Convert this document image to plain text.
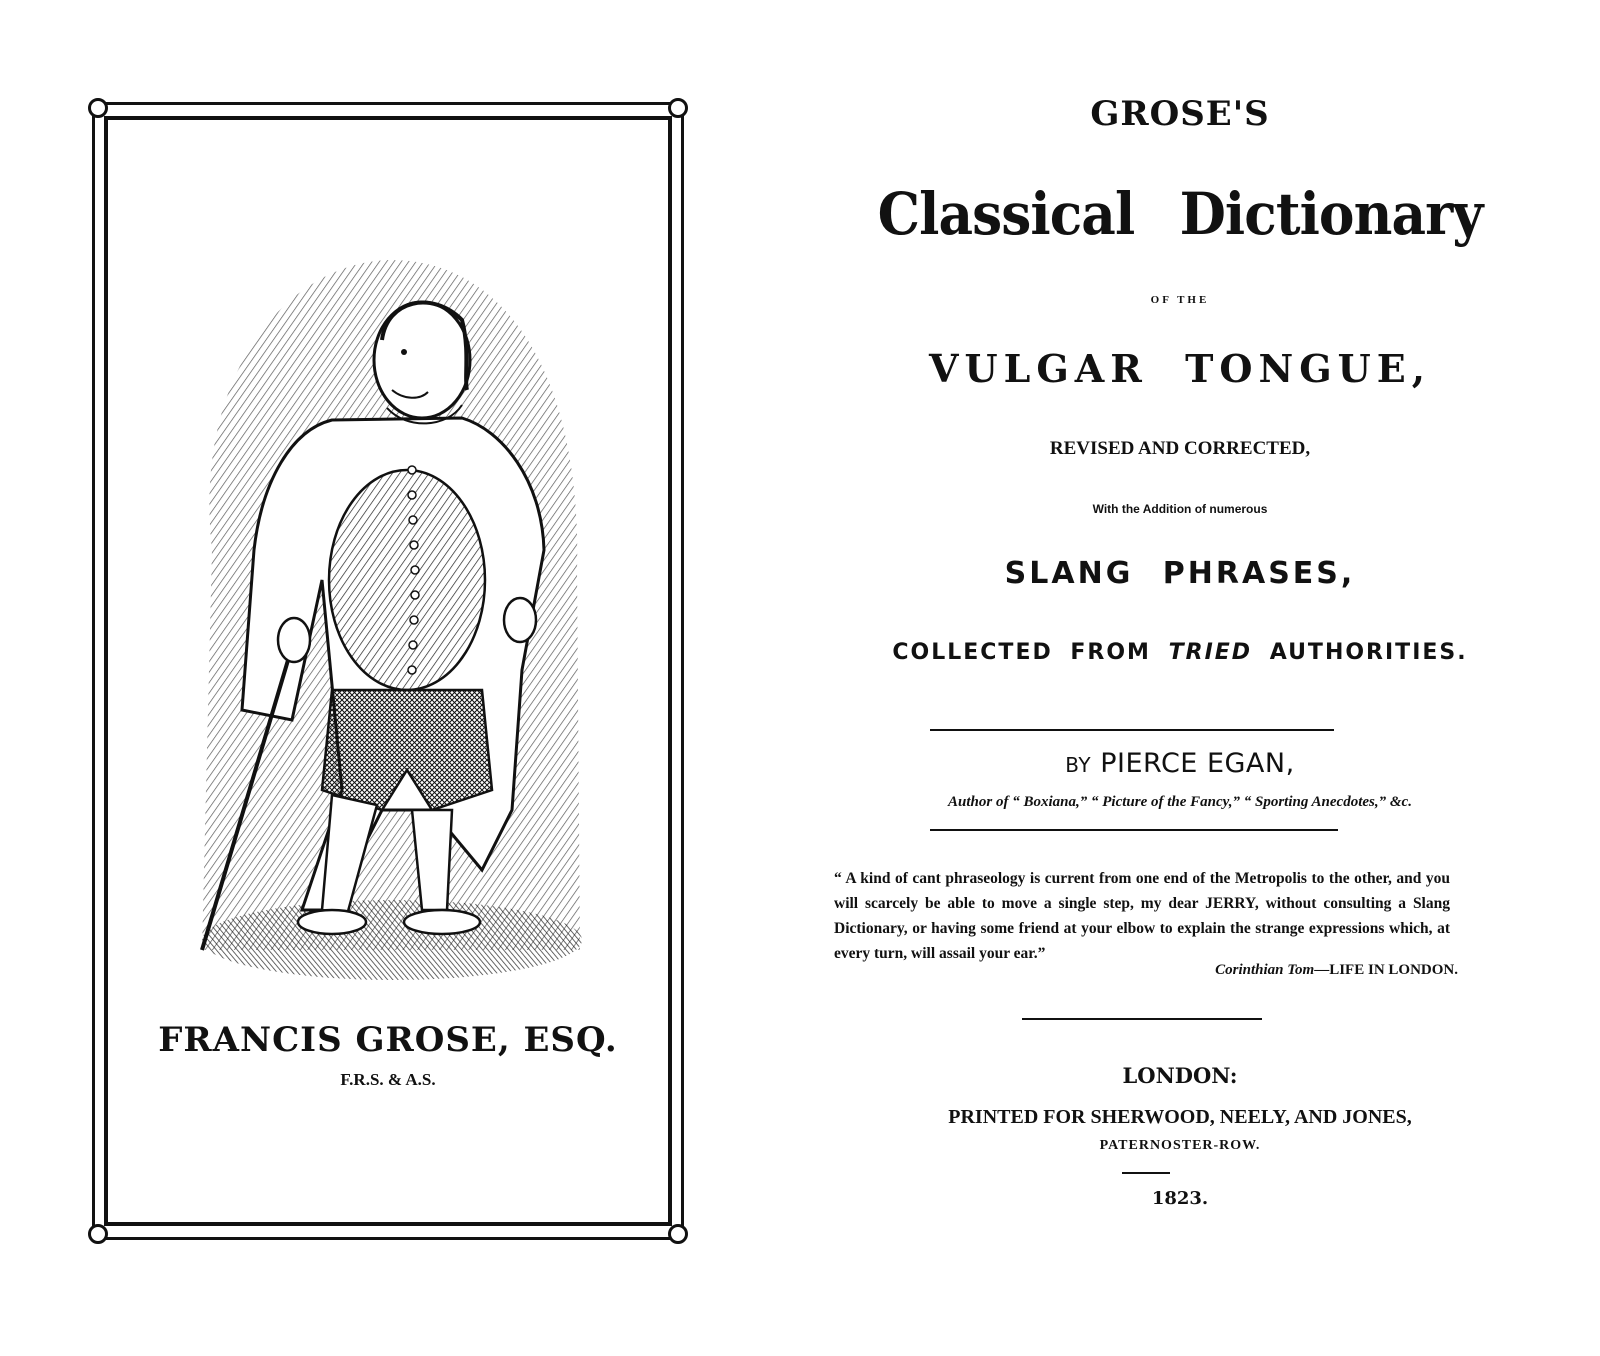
FRANCIS GROSE, ESQ.
F.R.S. & A.S.
GROSE'S
Classical Dictionary
OF THE
VULGAR TONGUE,
REVISED AND CORRECTED,
With the Addition of numerous
SLANG PHRASES,
COLLECTED FROM TRIED AUTHORITIES.
BY PIERCE EGAN,
Author of “ Boxiana,” “ Picture of the Fancy,” “ Sporting Anecdotes,” &c.
“ A kind of cant phraseology is current from one end of the Metropolis to the other, and you will scarcely be able to move a single step, my dear JERRY, without consulting a Slang Dictionary, or having some friend at your elbow to explain the strange expressions which, at every turn, will assail your ear.”
Corinthian Tom—LIFE IN LONDON.
LONDON:
PRINTED FOR SHERWOOD, NEELY, AND JONES,
PATERNOSTER-ROW.
1823.
